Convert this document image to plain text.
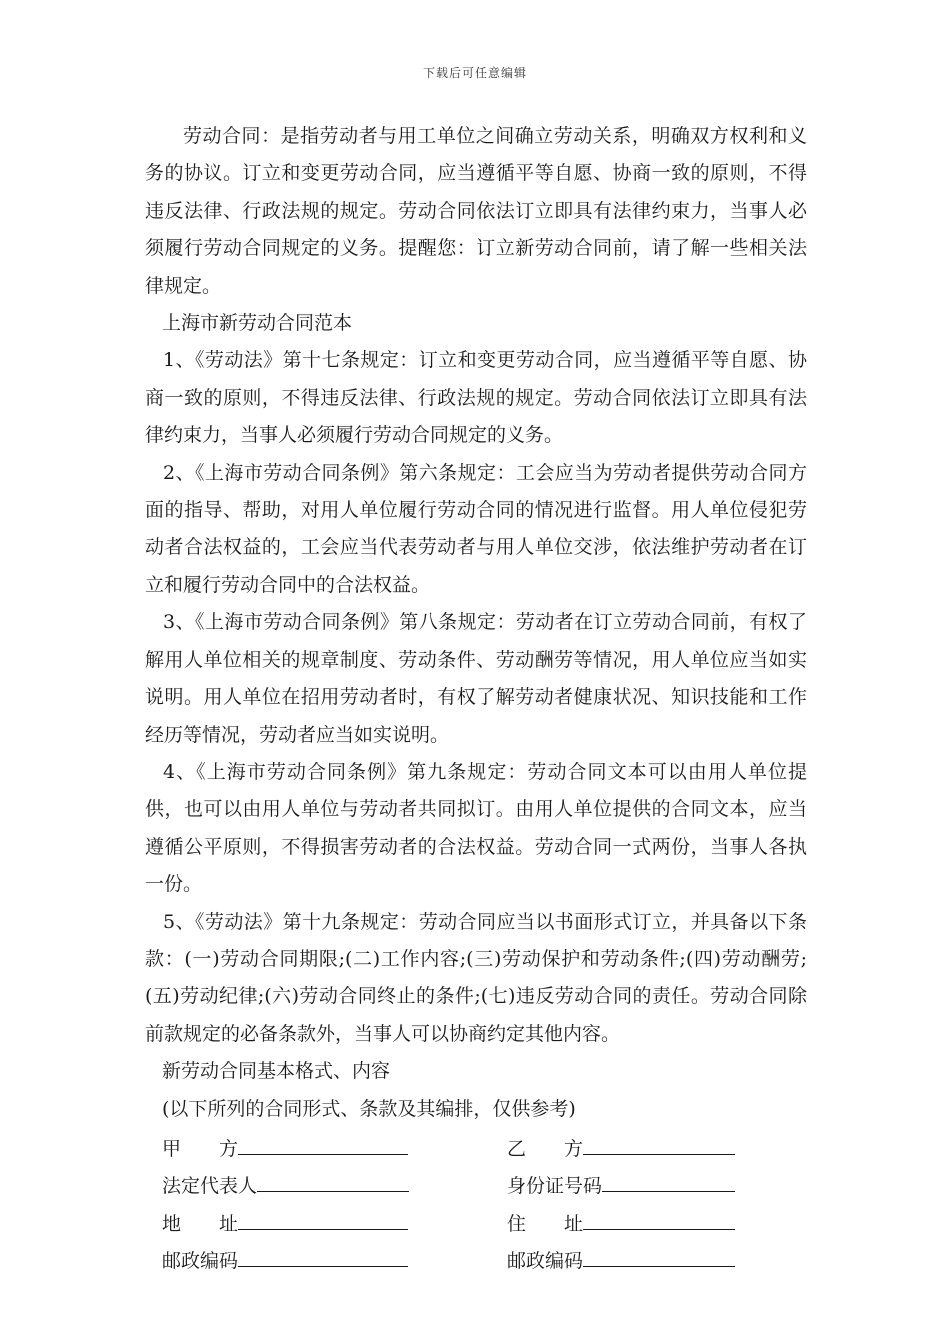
下载后可任意编辑

劳动合同：是指劳动者与用工单位之间确立劳动关系，明确双方权利和义务的协议。订立和变更劳动合同，应当遵循平等自愿、协商一致的原则，不得违反法律、行政法规的规定。劳动合同依法订立即具有法律约束力，当事人必须履行劳动合同规定的义务。提醒您：订立新劳动合同前，请了解一些相关法律规定。

上海市新劳动合同范本

1、《劳动法》第十七条规定：订立和变更劳动合同，应当遵循平等自愿、协商一致的原则，不得违反法律、行政法规的规定。劳动合同依法订立即具有法律约束力，当事人必须履行劳动合同规定的义务。

2、《上海市劳动合同条例》第六条规定：工会应当为劳动者提供劳动合同方面的指导、帮助，对用人单位履行劳动合同的情况进行监督。用人单位侵犯劳动者合法权益的，工会应当代表劳动者与用人单位交涉，依法维护劳动者在订立和履行劳动合同中的合法权益。

3、《上海市劳动合同条例》第八条规定：劳动者在订立劳动合同前，有权了解用人单位相关的规章制度、劳动条件、劳动酬劳等情况，用人单位应当如实说明。用人单位在招用劳动者时，有权了解劳动者健康状况、知识技能和工作经历等情况，劳动者应当如实说明。

4、《上海市劳动合同条例》第九条规定：劳动合同文本可以由用人单位提供，也可以由用人单位与劳动者共同拟订。由用人单位提供的合同文本，应当遵循公平原则，不得损害劳动者的合法权益。劳动合同一式两份，当事人各执一份。

5、《劳动法》第十九条规定：劳动合同应当以书面形式订立，并具备以下条款：(一)劳动合同期限;(二)工作内容;(三)劳动保护和劳动条件;(四)劳动酬劳;(五)劳动纪律;(六)劳动合同终止的条件;(七)违反劳动合同的责任。劳动合同除前款规定的必备条款外，当事人可以协商约定其他内容。

新劳动合同基本格式、内容

(以下所列的合同形式、条款及其编排，仅供参考)

甲　　方	乙　　方
法定代表人	身份证号码
地　　址	住　　址
邮政编码	邮政编码
